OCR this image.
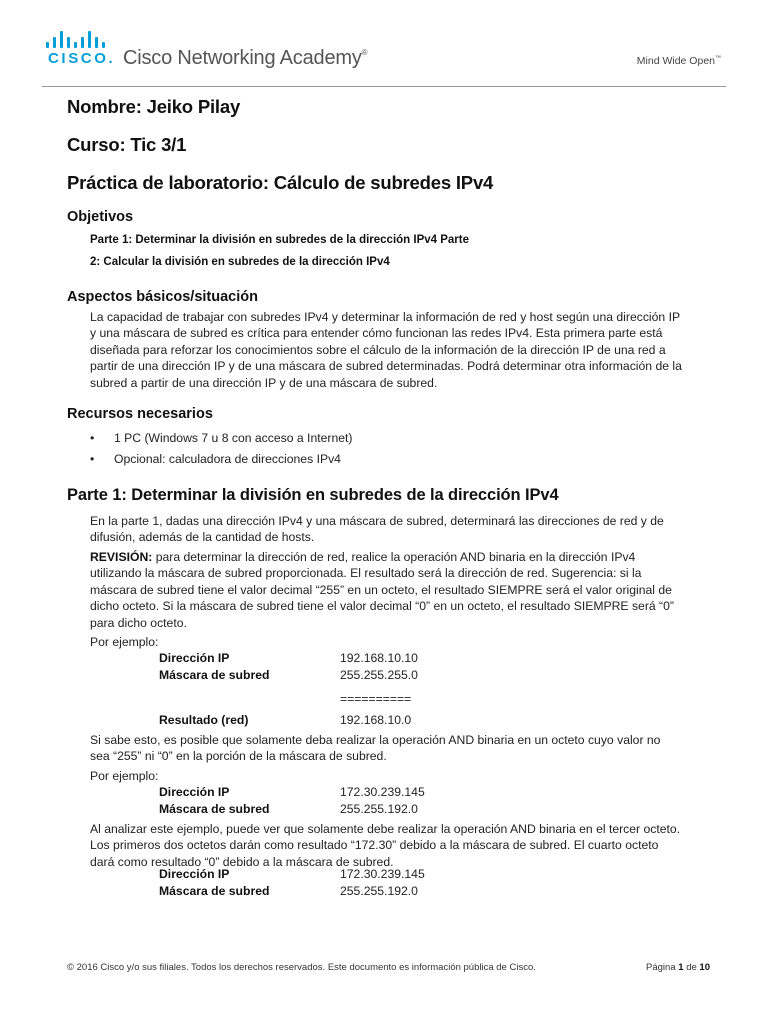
CISCO. Cisco Networking Academy®
Mind Wide Open™
Nombre: Jeiko Pilay
Curso: Tic 3/1
Práctica de laboratorio: Cálculo de subredes IPv4
Objetivos
Parte 1: Determinar la división en subredes de la dirección IPv4 Parte
2: Calcular la división en subredes de la dirección IPv4
Aspectos básicos/situación
La capacidad de trabajar con subredes IPv4 y determinar la información de red y host según una dirección IP
y una máscara de subred es crítica para entender cómo funcionan las redes IPv4. Esta primera parte está
diseñada para reforzar los conocimientos sobre el cálculo de la información de la dirección IP de una red a
partir de una dirección IP y de una máscara de subred determinadas. Podrá determinar otra información de la
subred a partir de una dirección IP y de una máscara de subred.
Recursos necesarios
• 1 PC (Windows 7 u 8 con acceso a Internet)
• Opcional: calculadora de direcciones IPv4
Parte 1: Determinar la división en subredes de la dirección IPv4
En la parte 1, dadas una dirección IPv4 y una máscara de subred, determinará las direcciones de red y de
difusión, además de la cantidad de hosts.
REVISIÓN: para determinar la dirección de red, realice la operación AND binaria en la dirección IPv4
utilizando la máscara de subred proporcionada. El resultado será la dirección de red. Sugerencia: si la
máscara de subred tiene el valor decimal “255” en un octeto, el resultado SIEMPRE será el valor original de
dicho octeto. Si la máscara de subred tiene el valor decimal “0” en un octeto, el resultado SIEMPRE será “0”
para dicho octeto.
Por ejemplo:
Dirección IP	192.168.10.10
Máscara de subred	255.255.255.0
==========
Resultado (red)	192.168.10.0
Si sabe esto, es posible que solamente deba realizar la operación AND binaria en un octeto cuyo valor no
sea “255” ni “0” en la porción de la máscara de subred.
Por ejemplo:
Dirección IP	172.30.239.145
Máscara de subred	255.255.192.0
Al analizar este ejemplo, puede ver que solamente debe realizar la operación AND binaria en el tercer octeto.
Los primeros dos octetos darán como resultado “172.30” debido a la máscara de subred. El cuarto octeto
dará como resultado “0” debido a la máscara de subred.
Dirección IP	172.30.239.145
Máscara de subred	255.255.192.0
© 2016 Cisco y/o sus filiales. Todos los derechos reservados. Este documento es información pública de Cisco.	Página 1 de 10
